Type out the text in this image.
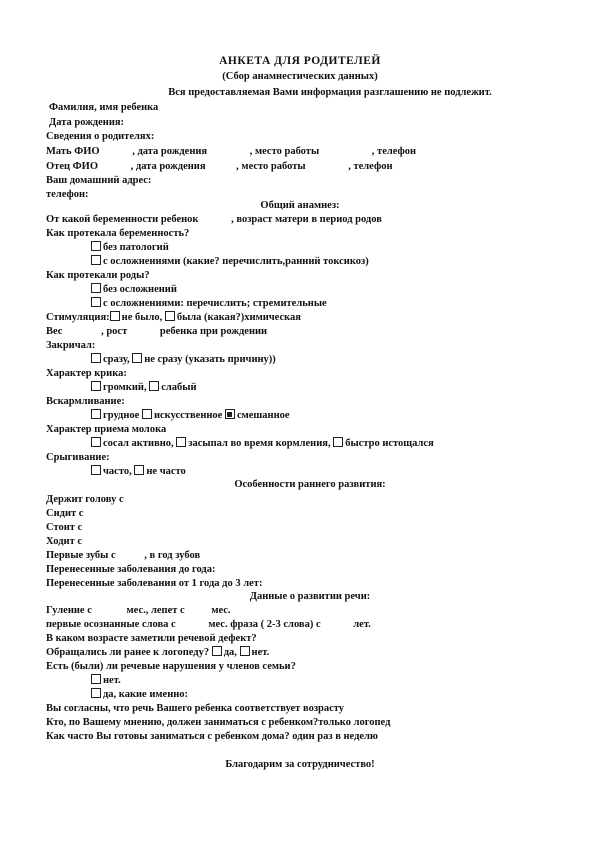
АНКЕТА ДЛЯ РОДИТЕЛЕЙ
(Сбор анамнестических данных)
Вся предоставляемая Вами информация разглашению не подлежит.
Фамилия, имя ребенка
Дата рождения:
Сведения о родителях:
Мать ФИО	, дата рождения	, место работы	, телефон
Отец ФИО	, дата рождения	, место работы	, телефон
Ваш домашний адрес:
телефон:
Общий анамнез:
От какой беременности ребенок	, возраст матери в период родов
Как протекала беременность?
без патологий
с осложнениями (какие? перечислить,ранний токсикоз)
Как протекали роды?
без осложнений
с осложнениями: перечислить; стремительные
Стимуляция: не было, была (какая?)химическая
Вес	, рост	ребенка при рождении
Закричал:
сразу, не сразу (указать причину))
Характер крика:
громкий, слабый
Вскармливание:
грудное искусственное смешанное
Характер приема молока
сосал активно, засыпал во время кормления, быстро истощался
Срыгивание:
часто, не часто
Особенности раннего развития:
Держит голову с
Сидит с
Стоит с
Ходит с
Первые зубы с	, в год зубов
Перенесенные заболевания до года:
Перенесенные заболевания от 1 года до 3 лет:
Данные о развитии речи:
Гуление с	мес., лепет с	мес.
первые осознанные слова с	мес. фраза ( 2-3 слова) с	лет.
В каком возрасте заметили речевой дефект?
Обращались ли ранее к логопеду? да, нет.
Есть (были) ли речевые нарушения у членов семьи?
нет.
да, какие именно:
Вы согласны, что речь Вашего ребенка соответствует возрасту
Кто, по Вашему мнению, должен заниматься с ребенком?только логопед
Как часто Вы готовы заниматься с ребенком дома? один раз в неделю
Благодарим за сотрудничество!
